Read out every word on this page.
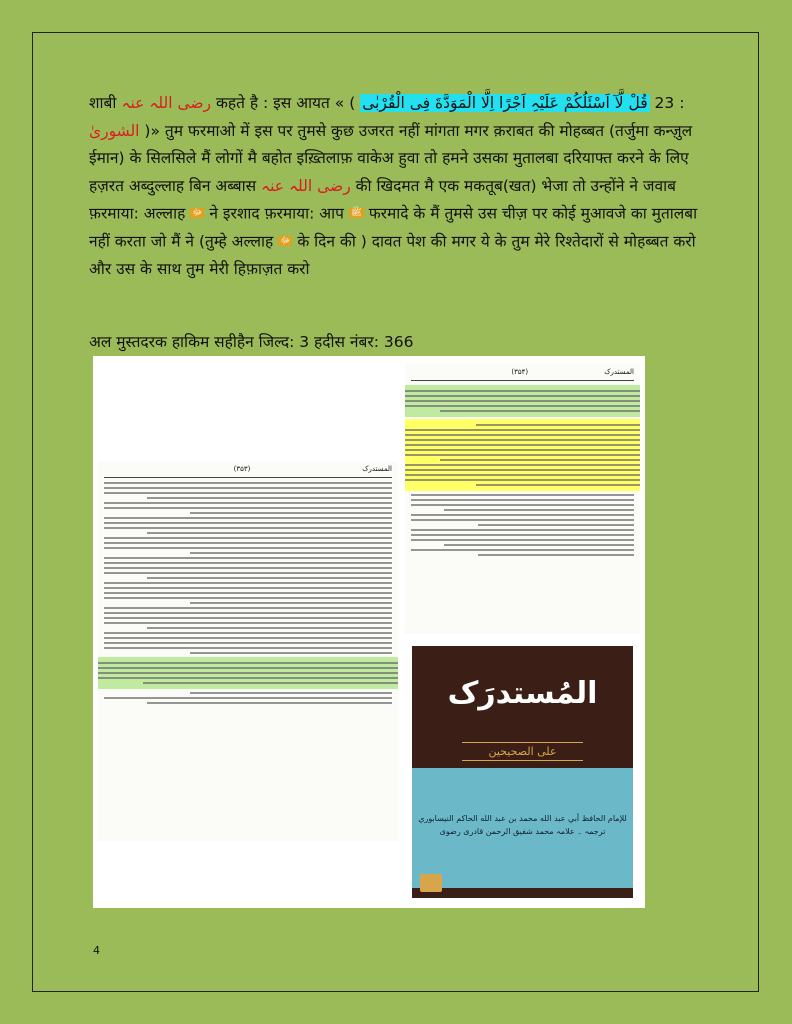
शाबी رضی اللہ عنہ कहते है : इस आयत « ( قُلْ لَّآ اَسْئَلُکُمْ عَلَیْہِ اَجْرًا اِلَّا الْمَوَدَّةَ فِی الْقُرْبٰی 23 : الشوریٰ )» तुम फरमाओ में इस पर तुमसे कुछ उजरत नहीं मांगता मगर क़राबत की मोहब्बत (तर्जुमा कन्ज़ुल ईमान) के सिलसिले मैं लोगों मै बहोत इख़्तिलाफ़ वाकेअ हुवा तो हमने उसका मुतालबा दरियाफ्त करने के लिए हज़रत अब्दुल्लाह बिन अब्बास رضی اللہ عنہ की खिदमत मै एक मकतूब(खत) भेजा तो उन्होंने ने जवाब फ़रमाया: अल्लाह ﷻ ने इरशाद फ़रमाया: आप ﷺ फरमादे के मैं तुमसे उस चीज़ पर कोई मुआवजे का मुतालबा नहीं करता जो मैं ने (तुम्हे अल्लाह ﷻ के दिन की ) दावत पेश की मगर ये के तुम मेरे रिश्तेदारों से मोहब्बत करो और उस के साथ तुम मेरी हिफ़ाज़त करो
अल मुस्तदरक हाकिम सहीहैन जिल्द: 3 हदीस नंबर: 366
(۳۵۳)	المستدرک
(۳۵۴)	المستدرک
المُستدرَک
علی الصحیحین
للإمام الحافظ أبي عبد الله محمد بن عبد الله الحاكم النيسابوري
ترجمہ ۔ علامہ محمد شفیق الرحمن قادری رضوی
4
